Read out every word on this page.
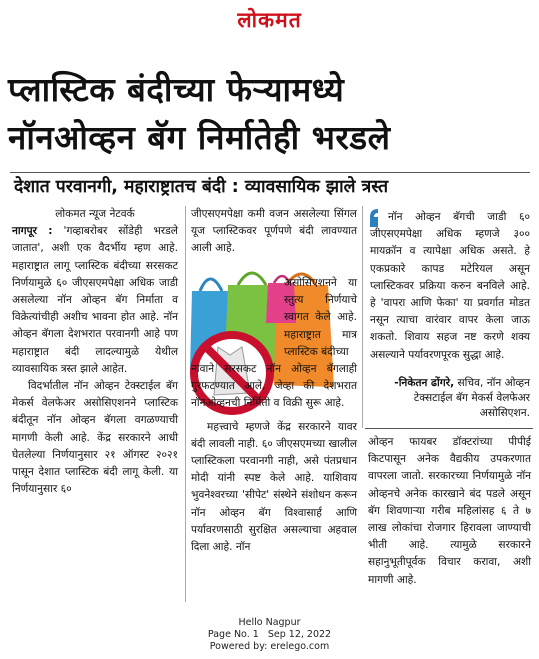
लोकमत
प्लास्टिक बंदीच्या फेऱ्यामध्ये
नॉनओव्हन बॅग निर्मातेही भरडले
देशात परवानगी, महाराष्ट्रातच बंदी : व्यावसायिक झाले त्रस्त

लोकमत न्यूज नेटवर्क

नागपूर : 'गव्हाबरोबर सोंडेही भरडले जातात', अशी एक वैदर्भीय म्हण आहे. महाराष्ट्रात लागू प्लास्टिक बंदीच्या सरसकट निर्णयामुळे ६० जीएसएमपेक्षा अधिक जाडी असलेल्या नॉन ओव्हन बॅग निर्माता व विक्रेत्यांचीही अशीच भावना होत आहे. नॉन ओव्हन बॅगला देशभरात परवानगी आहे पण महाराष्ट्रात बंदी लादल्यामुळे येथील व्यावसायिक त्रस्त झाले आहेत.

विदर्भातील नॉन ओव्हन टेक्स्टाईल बॅग मेकर्स वेलफेअर असोसिएशनने प्लास्टिक बंदीतून नॉन ओव्हन बॅगला वगळण्याची मागणी केली आहे. केंद्र सरकारने आधी घेतलेल्या निर्णयानुसार २१ ऑगस्ट २०२१ पासून देशात प्लास्टिक बंदी लागू केली. या निर्णयानुसार ६०

जीएसएमपेक्षा कमी वजन असलेल्या सिंगल यूज प्लास्टिकवर पूर्णपणे बंदी लावण्यात आली आहे.

असोसिएशनने या स्तुत्य निर्णयाचे स्वागत केले आहे. महाराष्ट्रात मात्र प्लास्टिक बंदीच्या

नावाने सरसकट नॉन ओव्हन बॅगलाही गुरफटण्यात आले, जेव्हा की देशभरात नॉनओव्हनची निर्मिती व विक्री सुरू आहे.

महत्त्वाचे म्हणजे केंद्र सरकारने यावर बंदी लावली नाही. ६० जीएसएमच्या खालील प्लास्टिकला परवानगी नाही, असे पंतप्रधान मोदी यांनी स्पष्ट केले आहे. याशिवाय भुवनेश्वरच्या 'सीपेट' संस्थेने संशोधन करून नॉन ओव्हन बॅग विश्वासार्ह आणि पर्यावरणसाठी सुरक्षित असल्याचा अहवाल दिला आहे. नॉन

नॉन ओव्हन बॅगची जाडी ६० जीएसएमपेक्षा अधिक म्हणजे ३०० मायक्रॉन व त्यापेक्षा अधिक असते. हे एकप्रकारे कापड मटेरियल असून प्लास्टिकवर प्रक्रिया करुन बनविले आहे. हे 'वापरा आणि फेका' या प्रवर्गात मोडत नसून त्याचा वारंवार वापर केला जाऊ शकतो. शिवाय सहज नष्ट करणे शक्य असल्याने पर्यावरणपूरक सुद्धा आहे.
-निकेतन ढोंगरे, सचिव, नॉन ओव्हन टेक्सटाईल बॅग मेकर्स वेलफेअर असोसिएशन.

ओव्हन फायबर डॉक्टरांच्या पीपीई किटपासून अनेक वैद्यकीय उपकरणात वापरला जातो. सरकारच्या निर्णयामुळे नॉन ओव्हनचे अनेक कारखाने बंद पडले असून बॅग शिवणाऱ्या गरीब महिलांसह ६ ते ७ लाख लोकांचा रोजगार हिरावला जाण्याची भीती आहे. त्यामुळे सरकारने सहानुभूतीपूर्वक विचार करावा, अशी मागणी आहे.

Hello Nagpur
Page No. 1 Sep 12, 2022
Powered by: erelego.com
